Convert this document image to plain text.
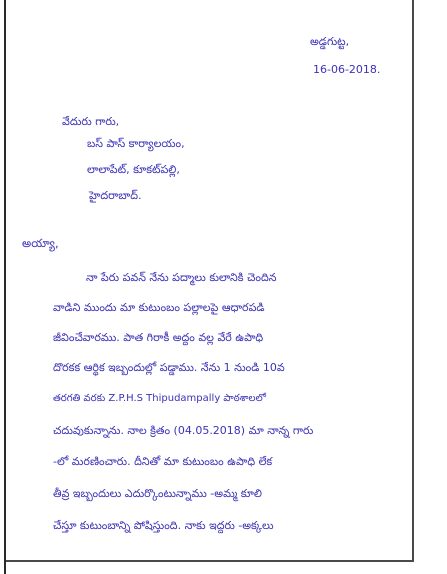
అడ్డగుట్ట,
16-06-2018.
వేదురు గారు,
బస్ పాస్ కార్యాలయం,
లాలాపేట్, కూకట్‌పల్లి,
హైదరాబాద్.
అయ్యా,
నా పేరు పవన్ నేను పద్మాలు కులానికి చెందిన
వాడిని ముందు మా కుటుంబం పల్లాలపై ఆధారపడి
జీవించేవారము. పాత గిరాకీ అద్దం వల్ల వేరే ఉపాధి
దొరకక ఆర్థిక ఇబ్బందుల్లో పడ్డాము. నేను 1 నుండి 10వ
తరగతి వరకు Z.P.H.S Thipudampally పాఠశాలలో
చదువుకున్నాను. నాల క్రితం (04.05.2018) మా నాన్న గారు
-లో మరణించారు. దీనితో మా కుటుంబం ఉపాధి లేక
తీవ్ర ఇబ్బందులు ఎదుర్కొంటున్నాము -అమ్మ కూలి
చేస్తూ కుటుంబాన్ని పోషిస్తుంది. నాకు ఇద్దరు -అక్కలు
